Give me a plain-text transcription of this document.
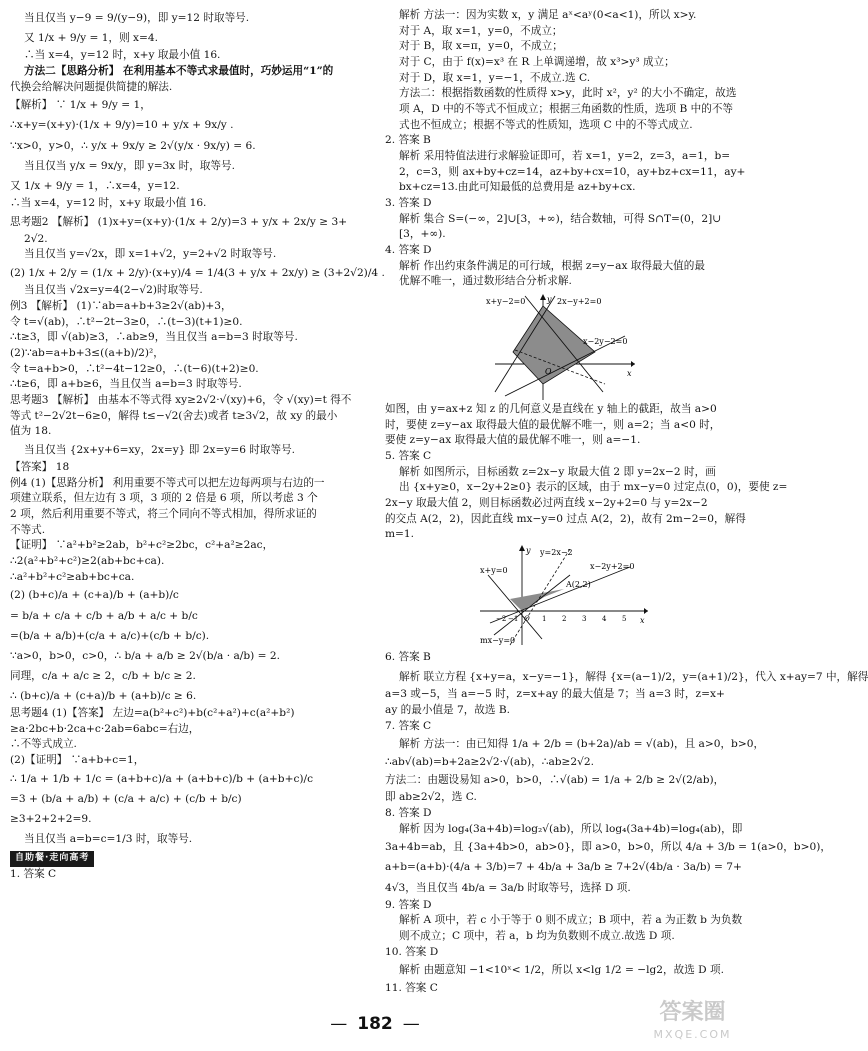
当且仅当 y−9 = 9/(y−9)，即 y=12 时取等号.
又 1/x + 9/y = 1，则 x=4.
∴当 x=4，y=12 时，x+y 取最小值 16.
方法二【思路分析】 在利用基本不等式求最值时，巧妙运用“1”的
代换会给解决问题提供简捷的解法.
【解析】 ∵ 1/x + 9/y = 1，
∴x+y=(x+y)·(1/x + 9/y)=10 + y/x + 9x/y .
∵x>0，y>0，∴ y/x + 9x/y ≥ 2√(y/x · 9x/y) = 6.
当且仅当 y/x = 9x/y，即 y=3x 时，取等号.
又 1/x + 9/y = 1，∴x=4，y=12.
∴当 x=4，y=12 时，x+y 取最小值 16.
思考题2 【解析】 (1)x+y=(x+y)·(1/x + 2/y)=3 + y/x + 2x/y ≥ 3+
2√2.
当且仅当 y=√2x，即 x=1+√2，y=2+√2 时取等号.
(2) 1/x + 2/y = (1/x + 2/y)·(x+y)/4 = 1/4(3 + y/x + 2x/y) ≥ (3+2√2)/4 .
当且仅当 √2x=y=4(2−√2)时取等号.
例3 【解析】 (1)∵ab=a+b+3≥2√(ab)+3，
令 t=√(ab)，∴t²−2t−3≥0，∴(t−3)(t+1)≥0.
∴t≥3，即 √(ab)≥3，∴ab≥9，当且仅当 a=b=3 时取等号.
(2)∵ab=a+b+3≤((a+b)/2)²，
令 t=a+b>0，∴t²−4t−12≥0，∴(t−6)(t+2)≥0.
∴t≥6，即 a+b≥6，当且仅当 a=b=3 时取等号.
思考题3 【解析】 由基本不等式得 xy≥2√2·√(xy)+6，令 √(xy)=t 得不
等式 t²−2√2t−6≥0，解得 t≤−√2(舍去)或者 t≥3√2，故 xy 的最小
值为 18.
当且仅当 {2x+y+6=xy，2x=y} 即 2x=y=6 时取等号.
【答案】 18
例4 (1)【思路分析】 利用重要不等式可以把左边每两项与右边的一
项建立联系，但左边有 3 项，3 项的 2 倍是 6 项，所以考虑 3 个
2 项，然后利用重要不等式，将三个同向不等式相加，得所求证的
不等式.
【证明】 ∵a²+b²≥2ab，b²+c²≥2bc，c²+a²≥2ac，
∴2(a²+b²+c²)≥2(ab+bc+ca).
∴a²+b²+c²≥ab+bc+ca.
(2) (b+c)/a + (c+a)/b + (a+b)/c
= b/a + c/a + c/b + a/b + a/c + b/c
=(b/a + a/b)+(c/a + a/c)+(c/b + b/c).
∵a>0，b>0，c>0，∴ b/a + a/b ≥ 2√(b/a · a/b) = 2.
同理，c/a + a/c ≥ 2，c/b + b/c ≥ 2.
∴ (b+c)/a + (c+a)/b + (a+b)/c ≥ 6.
思考题4 (1)【答案】 左边=a(b²+c²)+b(c²+a²)+c(a²+b²)
≥a·2bc+b·2ca+c·2ab=6abc=右边，
∴不等式成立.
(2)【证明】 ∵a+b+c=1，
∴ 1/a + 1/b + 1/c = (a+b+c)/a + (a+b+c)/b + (a+b+c)/c
=3 + (b/a + a/b) + (c/a + a/c) + (c/b + b/c)
≥3+2+2+2=9.
当且仅当 a=b=c=1/3 时，取等号.
自助餐·走向高考
1. 答案 C
解析 方法一：因为实数 x，y 满足 aˣ<aʸ(0<a<1)，所以 x>y.
对于 A，取 x=1，y=0，不成立；
对于 B，取 x=π，y=0，不成立；
对于 C，由于 f(x)=x³ 在 R 上单调递增，故 x³>y³ 成立；
对于 D，取 x=1，y=−1，不成立.选 C.
方法二：根据指数函数的性质得 x>y，此时 x²，y² 的大小不确定，故选
项 A，D 中的不等式不恒成立；根据三角函数的性质，选项 B 中的不等
式也不恒成立；根据不等式的性质知，选项 C 中的不等式成立.
2. 答案 B
解析 采用特值法进行求解验证即可，若 x=1，y=2，z=3，a=1，b=
2，c=3，则 ax+by+cz=14，az+by+cx=10，ay+bz+cx=11，ay+
bx+cz=13.由此可知最低的总费用是 az+by+cx.
3. 答案 D
解析 集合 S=(−∞，2]∪[3，+∞)，结合数轴，可得 S∩T=(0，2]∪
[3，+∞).
4. 答案 D
解析 作出约束条件满足的可行域，根据 z=y−ax 取得最大值的最
优解不唯一，通过数形结合分析求解.
x+y−2=0	2x−y+2=0
x−2y−2=0
O	x
y
如图，由 y=ax+z 知 z 的几何意义是直线在 y 轴上的截距，故当 a>0
时，要使 z=y−ax 取得最大值的最优解不唯一，则 a=2；当 a<0 时，
要使 z=y−ax 取得最大值的最优解不唯一，则 a=−1.
5. 答案 C
解析 如图所示，目标函数 z=2x−y 取最大值 2 即 y=2x−2 时，画
出 {x+y≥0，x−2y+2≥0} 表示的区域，由于 mx−y=0 过定点(0，0)，要使 z=
2x−y 取最大值 2，则目标函数必过两直线 x−2y+2=0 与 y=2x−2
的交点 A(2，2)，因此直线 mx−y=0 过点 A(2，2)，故有 2m−2=0，解得
m=1.
y=2x−2
x−2y+2=0
x+y=0
mx−y=0
A(2,2)
x
y
O
−2 −1	1 2 3 4 5
6. 答案 B
解析 联立方程 {x+y=a，x−y=−1}，解得 {x=(a−1)/2，y=(a+1)/2}，代入 x+ay=7 中，解得
a=3 或−5，当 a=−5 时，z=x+ay 的最大值是 7；当 a=3 时，z=x+
ay 的最小值是 7，故选 B.
7. 答案 C
解析 方法一：由已知得 1/a + 2/b = (b+2a)/ab = √(ab)，且 a>0，b>0，
∴ab√(ab)=b+2a≥2√2·√(ab)，∴ab≥2√2.
方法二：由题设易知 a>0，b>0，∴√(ab) = 1/a + 2/b ≥ 2√(2/ab)，
即 ab≥2√2，选 C.
8. 答案 D
解析 因为 log₄(3a+4b)=log₂√(ab)，所以 log₄(3a+4b)=log₄(ab)，即
3a+4b=ab，且 {3a+4b>0，ab>0}，即 a>0，b>0，所以 4/a + 3/b = 1(a>0，b>0)，
a+b=(a+b)·(4/a + 3/b)=7 + 4b/a + 3a/b ≥ 7+2√(4b/a · 3a/b) = 7+
4√3，当且仅当 4b/a = 3a/b 时取等号，选择 D 项.
9. 答案 D
解析 A 项中，若 c 小于等于 0 则不成立；B 项中，若 a 为正数 b 为负数
则不成立；C 项中，若 a，b 均为负数则不成立.故选 D 项.
10. 答案 D
解析 由题意知 −1<10ˣ< 1/2，所以 x<lg 1/2 = −lg2，故选 D 项.
11. 答案 C
— 182 —	答案圈
MXQE.COM
